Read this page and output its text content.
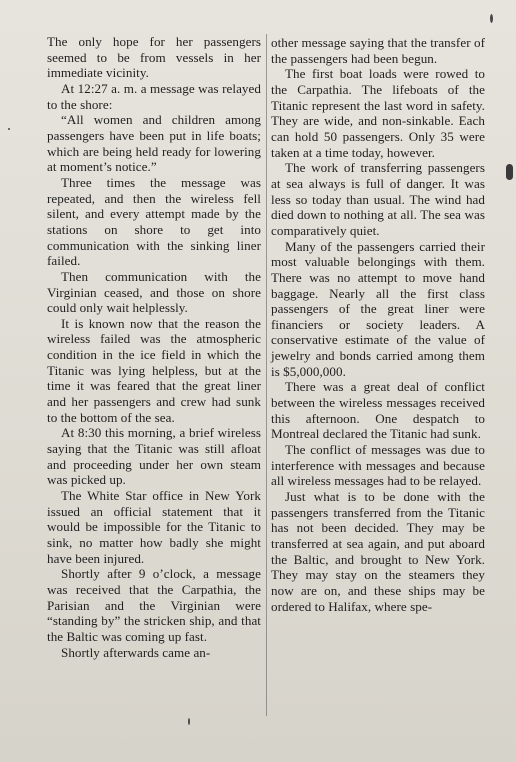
The only hope for her passengers seemed to be from vessels in her immediate vicinity.

At 12:27 a. m. a message was relayed to the shore:

“All women and children among passengers have been put in life boats; which are being held ready for lowering at moment’s notice.”

Three times the message was repeated, and then the wireless fell silent, and every attempt made by the stations on shore to get into communication with the sinking liner failed.

Then communication with the Virginian ceased, and those on shore could only wait helplessly.

It is known now that the reason the wireless failed was the atmospheric condition in the ice field in which the Titanic was lying helpless, but at the time it was feared that the great liner and her passengers and crew had sunk to the bottom of the sea.

At 8:30 this morning, a brief wireless saying that the Titanic was still afloat and proceeding under her own steam was picked up.

The White Star office in New York issued an official statement that it would be impossible for the Titanic to sink, no matter how badly she might have been injured.

Shortly after 9 o’clock, a message was received that the Carpathia, the Parisian and the Virginian were “standing by” the stricken ship, and that the Baltic was coming up fast.

Shortly afterwards came an-

other message saying that the transfer of the passengers had been begun.

The first boat loads were rowed to the Carpathia. The lifeboats of the Titanic represent the last word in safety. They are wide, and non-sinkable. Each can hold 50 passengers. Only 35 were taken at a time today, however.

The work of transferring passengers at sea always is full of danger. It was less so today than usual. The wind had died down to nothing at all. The sea was comparatively quiet.

Many of the passengers carried their most valuable belongings with them. There was no attempt to move hand baggage. Nearly all the first class passengers of the great liner were financiers or society leaders. A conservative estimate of the value of jewelry and bonds carried among them is $5,000,000.

There was a great deal of conflict between the wireless messages received this afternoon. One despatch to Montreal declared the Titanic had sunk.

The conflict of messages was due to interference with messages and because all wireless messages had to be relayed.

Just what is to be done with the passengers transferred from the Titanic has not been decided. They may be transferred at sea again, and put aboard the Baltic, and brought to New York. They may stay on the steamers they now are on, and these ships may be ordered to Halifax, where spe-
